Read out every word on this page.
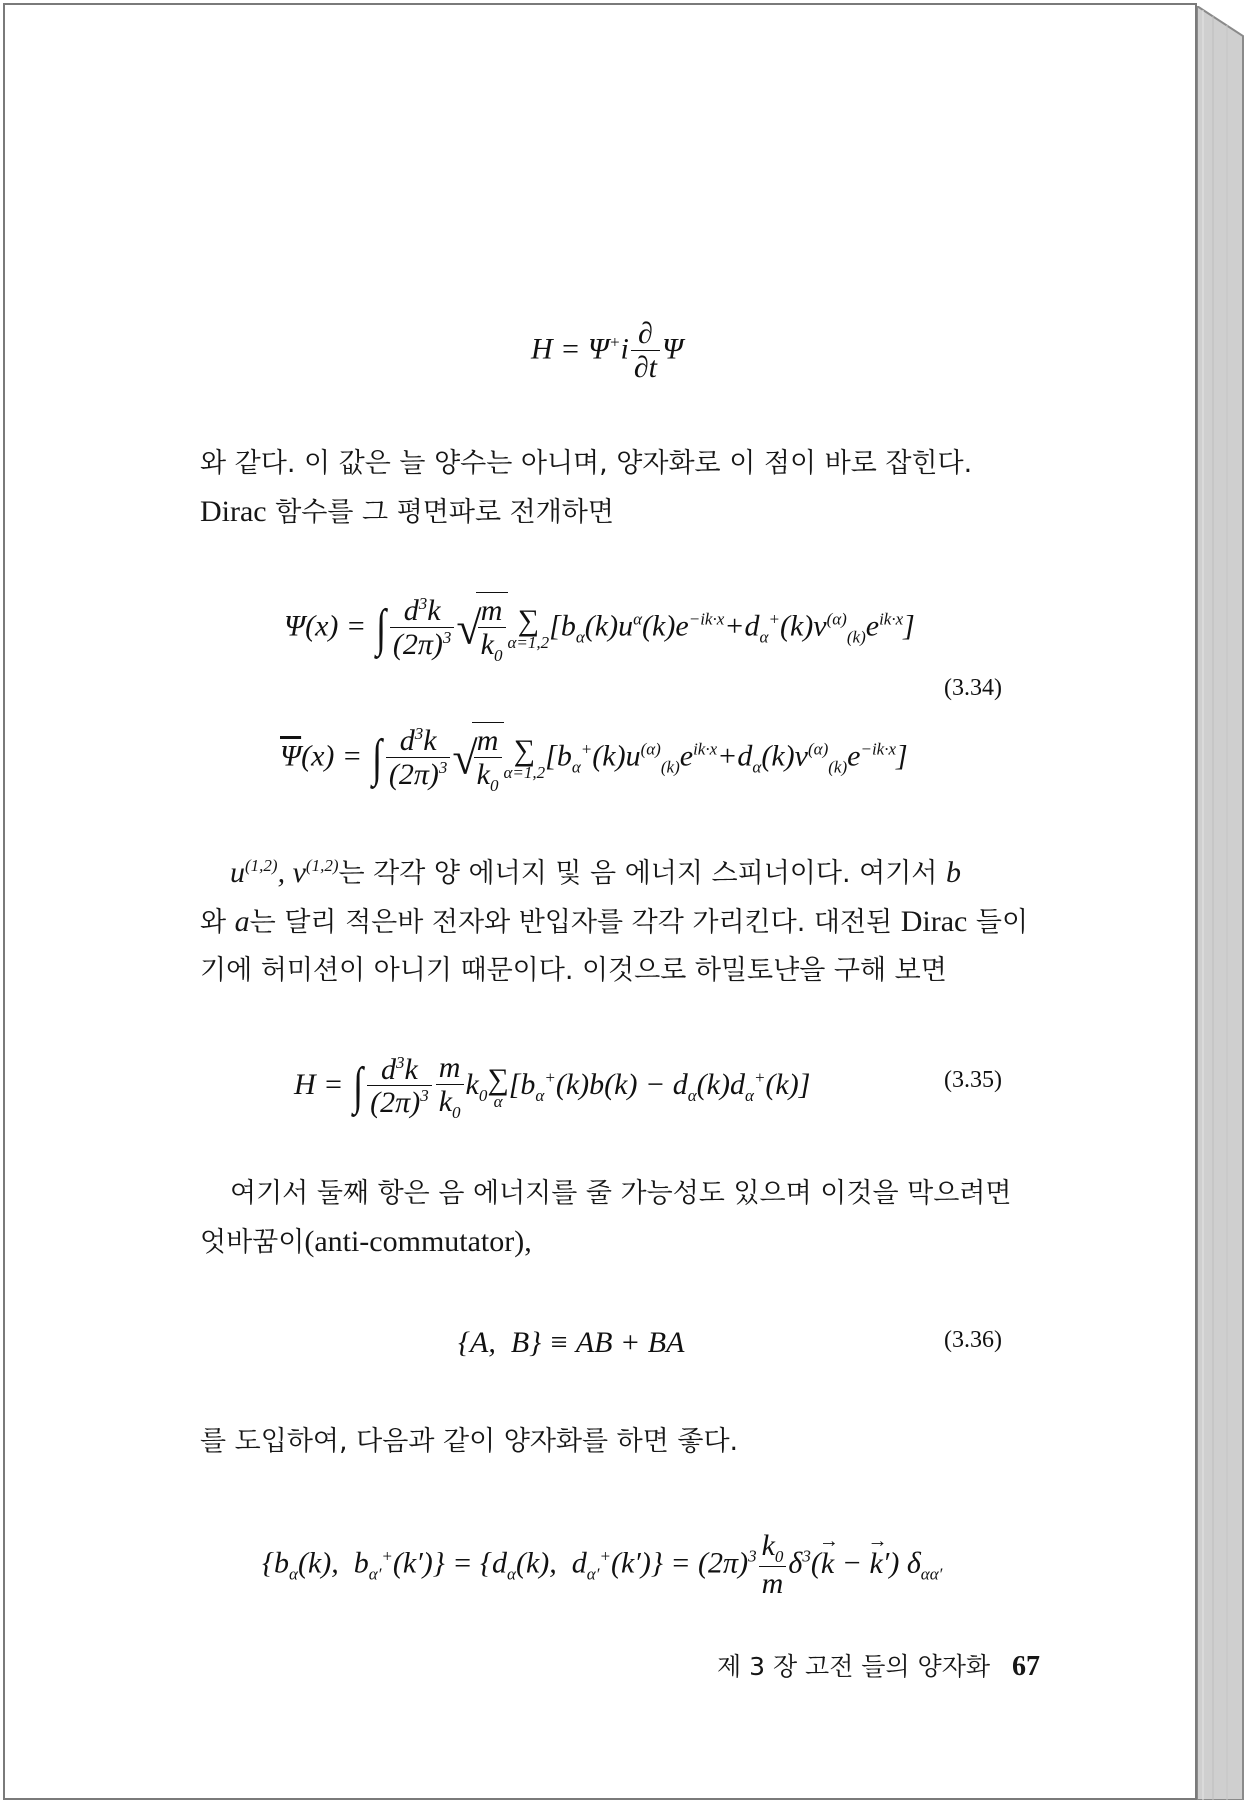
$H = \Psi^+i \frac{\partial}{\partial t}$ Ψ

와 같다. 이 값은 늘 양수는 아니며, 양자화로 이 점이 바로 잡힌다.
Dirac 함수를 그 평면파로 전개하면

Ψ(x) = ∫ $\frac{d^3k}{(2\pi)^3}$ √
$\frac{m}{k_0}$ ∑
α=1,2
$[b_\alpha(k)u^\alpha(k)e^{-ik\cdot x}+d_\alpha^+(k)v^{(\alpha)}_{(k)}e^{ik\cdot x}]$
(3.34)
$\overline{\Psi}(x)$ = ∫ $\frac{d^3k}{(2\pi)^3}$ √
$\frac{m}{k_0}$ ∑
α=1,2
$[b_\alpha^+(k)u^{(\alpha)}_{(k)}e^{ik\cdot x}+d_\alpha(k)v^{(\alpha)}_{(k)}e^{-ik\cdot x}]$

$u^{(1,2)}$, $v^{(1,2)}$는 각각 양 에너지 및 음 에너지 스피너이다. 여기서 b
와 a는 달리 적은바 전자와 반입자를 각각 가리킨다. 대전된 Dirac 들이기에 허미션이 아니기 때문이다. 이것으로 하밀토냔을 구해 보면

H = ∫ $\frac{d^3k}{(2\pi)^3} \frac{m}{k_0} k_0$ ∑
α
$[b_\alpha^+(k)b(k) - d_\alpha(k)d_\alpha^+(k)]$	(3.35)

여기서 둘째 항은 음 에너지를 줄 가능성도 있으며 이것을 막으려면 엇바꿈이(anti-commutator),

{A,  B} ≡ AB + BA	(3.36)

를 도입하여, 다음과 같이 양자화를 하면 좋다.

{$b_\alpha(k)$,  $b_{\alpha'}^+(k')\} = \{d_\alpha(k)$,  $d_{\alpha'}^+(k')\} = (2\pi)^3 \frac{k_0}{m} \delta^3(\to k$ − → k′) $\delta_{\alpha\alpha'}$
제 3 장 고전 들의 양자화 67
